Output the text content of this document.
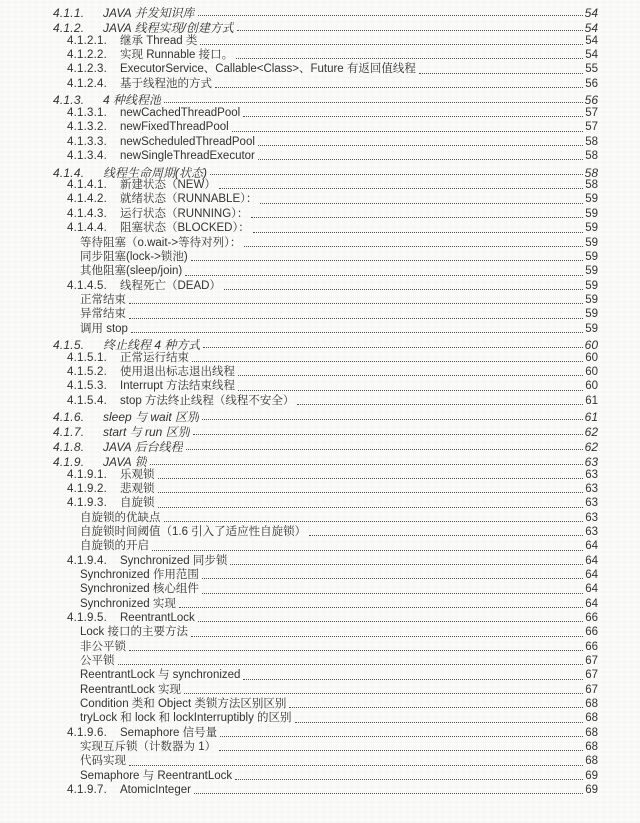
4.1.1.	JAVA 并发知识库	54
4.1.2.	JAVA 线程实现/创建方式	54
4.1.2.1.	继承 Thread 类	54
4.1.2.2.	实现 Runnable 接口。	54
4.1.2.3.	ExecutorService、Callable<Class>、Future 有返回值线程	55
4.1.2.4.	基于线程池的方式	56
4.1.3.	4 种线程池	56
4.1.3.1.	newCachedThreadPool	57
4.1.3.2.	newFixedThreadPool	57
4.1.3.3.	newScheduledThreadPool	58
4.1.3.4.	newSingleThreadExecutor	58
4.1.4.	线程生命周期(状态)	58
4.1.4.1.	新建状态（NEW）	58
4.1.4.2.	就绪状态（RUNNABLE）：	59
4.1.4.3.	运行状态（RUNNING）：	59
4.1.4.4.	阻塞状态（BLOCKED）：	59
等待阻塞（o.wait->等待对列）：	59
同步阻塞(lock->锁池)	59
其他阻塞(sleep/join)	59
4.1.4.5.	线程死亡（DEAD）	59
正常结束	59
异常结束	59
调用 stop	59
4.1.5.	终止线程 4 种方式	60
4.1.5.1.	正常运行结束	60
4.1.5.2.	使用退出标志退出线程	60
4.1.5.3.	Interrupt 方法结束线程	60
4.1.5.4.	stop 方法终止线程（线程不安全）	61
4.1.6.	sleep 与 wait 区别	61
4.1.7.	start 与 run 区别	62
4.1.8.	JAVA 后台线程	62
4.1.9.	JAVA 锁	63
4.1.9.1.	乐观锁	63
4.1.9.2.	悲观锁	63
4.1.9.3.	自旋锁	63
自旋锁的优缺点	63
自旋锁时间阈值（1.6 引入了适应性自旋锁）	63
自旋锁的开启	64
4.1.9.4.	Synchronized 同步锁	64
Synchronized 作用范围	64
Synchronized 核心组件	64
Synchronized 实现	64
4.1.9.5.	ReentrantLock	66
Lock 接口的主要方法	66
非公平锁	66
公平锁	67
ReentrantLock 与 synchronized	67
ReentrantLock 实现	67
Condition 类和 Object 类锁方法区别区别	68
tryLock 和 lock 和 lockInterruptibly 的区别	68
4.1.9.6.	Semaphore 信号量	68
实现互斥锁（计数器为 1）	68
代码实现	68
Semaphore 与 ReentrantLock	69
4.1.9.7.	AtomicInteger	69
